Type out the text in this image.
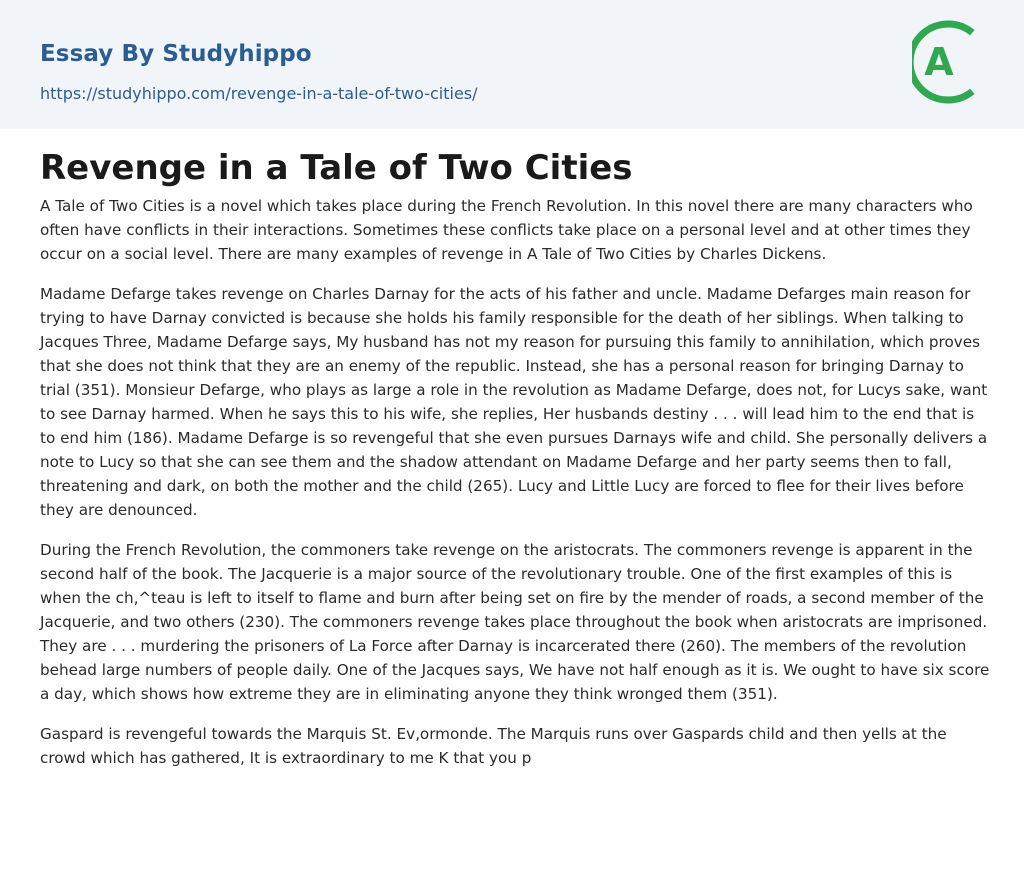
Essay By Studyhippo
https://studyhippo.com/revenge-in-a-tale-of-two-cities/
A
Revenge in a Tale of Two Cities

A Tale of Two Cities is a novel which takes place during the French Revolution. In this novel there are many characters who often have conflicts in their interactions. Sometimes these conflicts take place on a personal level and at other times they occur on a social level. There are many examples of revenge in A Tale of Two Cities by Charles Dickens.

Madame Defarge takes revenge on Charles Darnay for the acts of his father and uncle. Madame Defarges main reason for trying to have Darnay convicted is because she holds his family responsible for the death of her siblings. When talking to Jacques Three, Madame Defarge says, My husband has not my reason for pursuing this family to annihilation, which proves that she does not think that they are an enemy of the republic. Instead, she has a personal reason for bringing Darnay to trial (351). Monsieur Defarge, who plays as large a role in the revolution as Madame Defarge, does not, for Lucys sake, want to see Darnay harmed. When he says this to his wife, she replies, Her husbands destiny . . . will lead him to the end that is to end him (186). Madame Defarge is so revengeful that she even pursues Darnays wife and child. She personally delivers a note to Lucy so that she can see them and the shadow attendant on Madame Defarge and her party seems then to fall, threatening and dark, on both the mother and the child (265). Lucy and Little Lucy are forced to flee for their lives before they are denounced.

During the French Revolution, the commoners take revenge on the aristocrats. The commoners revenge is apparent in the second half of the book. The Jacquerie is a major source of the revolutionary trouble. One of the first examples of this is when the ch‚^teau is left to itself to flame and burn after being set on fire by the mender of roads, a second member of the Jacquerie, and two others (230). The commoners revenge takes place throughout the book when aristocrats are imprisoned. They are . . . murdering the prisoners of La Force after Darnay is incarcerated there (260). The members of the revolution behead large numbers of people daily. One of the Jacques says, We have not half enough as it is. We ought to have six score a day, which shows how extreme they are in eliminating anyone they think wronged them (351).

Gaspard is revengeful towards the Marquis St. Ev‚ormonde. The Marquis runs over Gaspards child and then yells at the crowd which has gathered, It is extraordinary to me K that you p
